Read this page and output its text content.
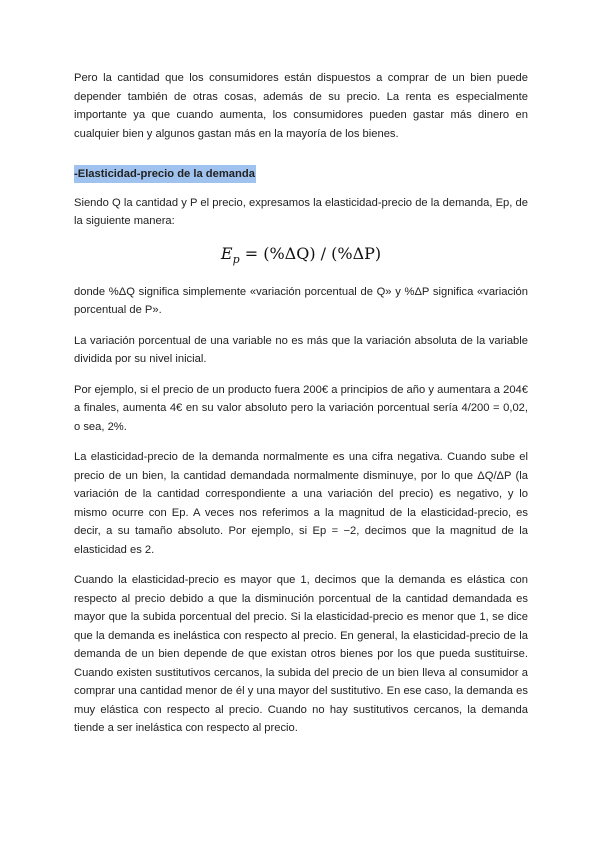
Pero la cantidad que los consumidores están dispuestos a comprar de un bien puede depender también de otras cosas, además de su precio. La renta es especialmente importante ya que cuando aumenta, los consumidores pueden gastar más dinero en cualquier bien y algunos gastan más en la mayoría de los bienes.

-Elasticidad-precio de la demanda

Siendo Q la cantidad y P el precio, expresamos la elasticidad-precio de la demanda, Ep, de la siguiente manera:

$E_p = (\%\Delta Q) / (\%\Delta P)$

donde %ΔQ significa simplemente «variación porcentual de Q» y %ΔP significa «variación porcentual de P».

La variación porcentual de una variable no es más que la variación absoluta de la variable dividida por su nivel inicial.

Por ejemplo, si el precio de un producto fuera 200€ a principios de año y aumentara a 204€ a finales, aumenta 4€ en su valor absoluto pero la variación porcentual sería 4/200 = 0,02, o sea, 2%.

La elasticidad-precio de la demanda normalmente es una cifra negativa. Cuando sube el precio de un bien, la cantidad demandada normalmente disminuye, por lo que ΔQ/ΔP (la variación de la cantidad correspondiente a una variación del precio) es negativo, y lo mismo ocurre con Ep. A veces nos referimos a la magnitud de la elasticidad-precio, es decir, a su tamaño absoluto. Por ejemplo, si Ep = −2, decimos que la magnitud de la elasticidad es 2.

Cuando la elasticidad-precio es mayor que 1, decimos que la demanda es elástica con respecto al precio debido a que la disminución porcentual de la cantidad demandada es mayor que la subida porcentual del precio. Si la elasticidad-precio es menor que 1, se dice que la demanda es inelástica con respecto al precio. En general, la elasticidad-precio de la demanda de un bien depende de que existan otros bienes por los que pueda sustituirse. Cuando existen sustitutivos cercanos, la subida del precio de un bien lleva al consumidor a comprar una cantidad menor de él y una mayor del sustitutivo. En ese caso, la demanda es muy elástica con respecto al precio. Cuando no hay sustitutivos cercanos, la demanda tiende a ser inelástica con respecto al precio.
